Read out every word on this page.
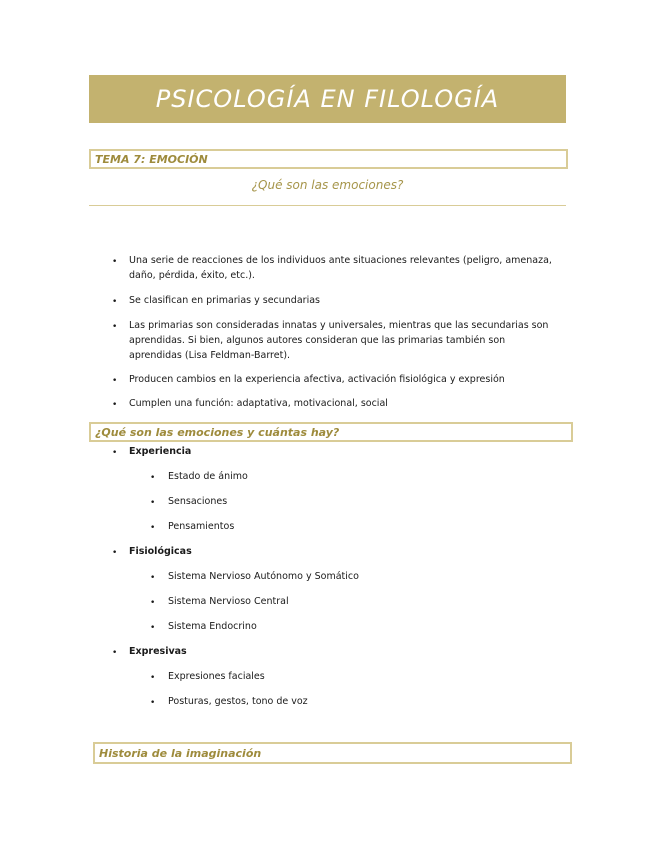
PSICOLOGÍA EN FILOLOGÍA
TEMA 7: EMOCIÓN
¿Qué son las emociones?
• Una serie de reacciones de los individuos ante situaciones relevantes (peligro, amenaza, daño, pérdida, éxito, etc.).
• Se clasifican en primarias y secundarias
• Las primarias son consideradas innatas y universales, mientras que las secundarias son aprendidas. Si bien, algunos autores consideran que las primarias también son aprendidas (Lisa Feldman-Barret).
• Producen cambios en la experiencia afectiva, activación fisiológica y expresión
• Cumplen una función: adaptativa, motivacional, social
¿Qué son las emociones y cuántas hay?
• Experiencia
• Estado de ánimo
• Sensaciones
• Pensamientos
• Fisiológicas
• Sistema Nervioso Autónomo y Somático
• Sistema Nervioso Central
• Sistema Endocrino
• Expresivas
• Expresiones faciales
• Posturas, gestos, tono de voz
Historia de la imaginación
